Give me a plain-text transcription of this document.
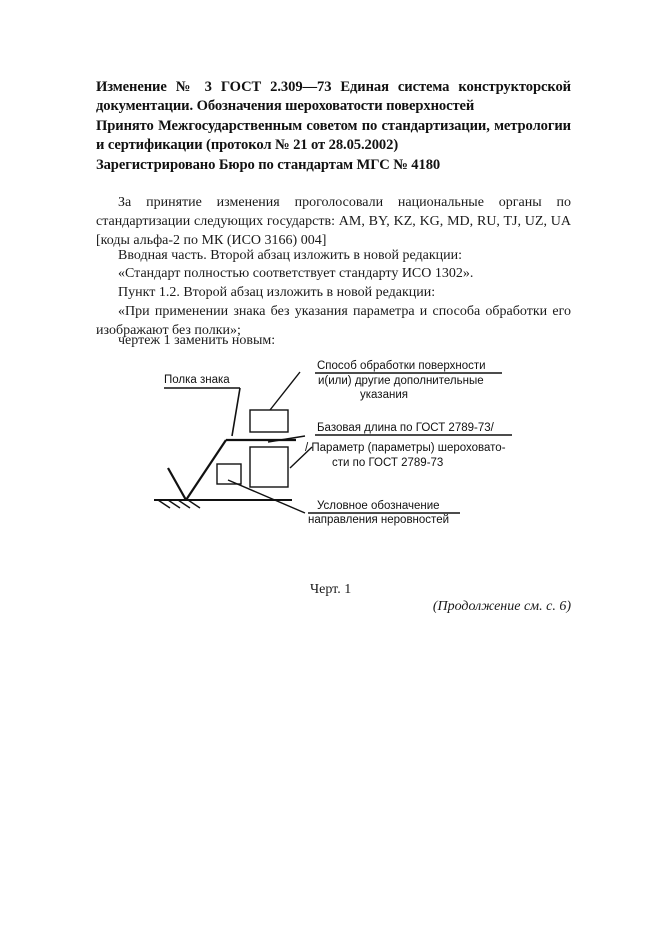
Изменение № 3 ГОСТ 2.309—73 Единая система конструкторской документации. Обозначения шероховатости поверхностей
Принято Межгосударственным советом по стандартизации, метрологии и сертификации (протокол № 21 от 28.05.2002)
Зарегистрировано Бюро по стандартам МГС № 4180

За принятие изменения проголосовали национальные органы по стандартизации следующих государств: AM, BY, KZ, KG, MD, RU, TJ, UZ, UA [коды альфа-2 по МК (ИСО 3166) 004]

Вводная часть. Второй абзац изложить в новой редакции:

«Стандарт полностью соответствует стандарту ИСО 1302».

Пункт 1.2. Второй абзац изложить в новой редакции:

«При применении знака без указания параметра и способа обработки его изображают без полки»;

чертеж 1 заменить новым:

Полка знака
Способ обработки поверхности
и(или) другие дополнительные
указания
Базовая длина по ГОСТ 2789-73/
/ Параметр (параметры) шероховато-
сти по ГОСТ 2789-73
Условное обозначение
направления неровностей
Черт. 1
(Продолжение см. с. 6)
